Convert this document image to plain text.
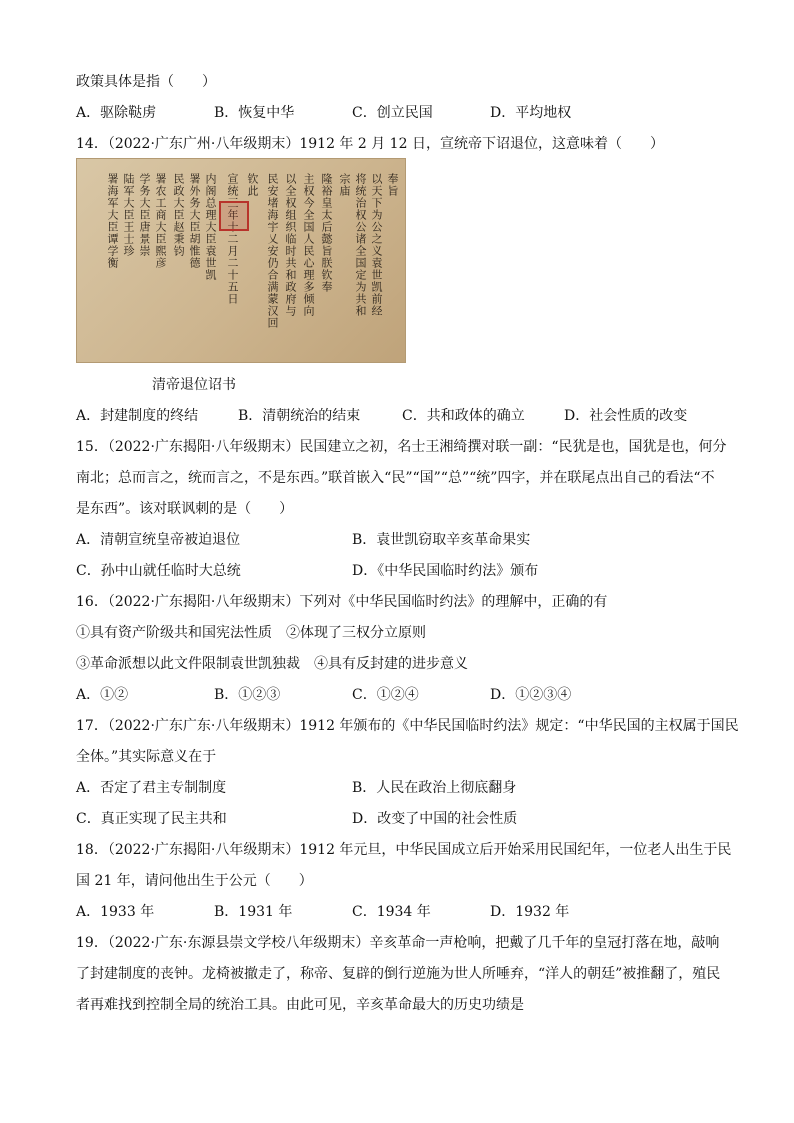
政策具体是指（　　）
A．驱除鞑虏	B．恢复中华	C．创立民国	D．平均地权
14．（2022·广东广州·八年级期末）1912 年 2 月 12 日，宣统帝下诏退位，这意味着（　　）
署海军大臣谭学衡 陆军大臣王士珍 学务大臣唐景崇 署农工商大臣熙彦 民政大臣赵秉钧 署外务大臣胡惟德 内阁总理大臣袁世凯 宣统三年十二月二十五日 钦此 民安堵海宇乂安仍合满蒙汉回 以全权组织临时共和政府与 主权今全国人民心理多倾向 隆裕皇太后懿旨朕钦奉 宗庙 将统治权公诸全国定为共和 以天下为公之义袁世凯前经 奉旨
清帝退位诏书
A．封建制度的终结	B．清朝统治的结束	C．共和政体的确立	D．社会性质的改变
15．（2022·广东揭阳·八年级期末）民国建立之初，名士王湘绮撰对联一副：“民犹是也，国犹是也，何分
南北；总而言之，统而言之，不是东西。”联首嵌入“民”“国”“总”“统”四字，并在联尾点出自己的看法“不
是东西”。该对联讽刺的是（　　）
A．清朝宣统皇帝被迫退位	B．袁世凯窃取辛亥革命果实
C．孙中山就任临时大总统	D．《中华民国临时约法》颁布
16．（2022·广东揭阳·八年级期末）下列对《中华民国临时约法》的理解中，正确的有
①具有资产阶级共和国宪法性质　②体现了三权分立原则
③革命派想以此文件限制袁世凯独裁　④具有反封建的进步意义
A．①②	B．①②③	C．①②④	D．①②③④
17．（2022·广东广东·八年级期末）1912 年颁布的《中华民国临时约法》规定：“中华民国的主权属于国民
全体。”其实际意义在于
A．否定了君主专制制度	B．人民在政治上彻底翻身
C．真正实现了民主共和	D．改变了中国的社会性质
18．（2022·广东揭阳·八年级期末）1912 年元旦，中华民国成立后开始采用民国纪年，一位老人出生于民
国 21 年，请问他出生于公元（　　）
A．1933 年	B．1931 年	C．1934 年	D．1932 年
19．（2022·广东·东源县崇文学校八年级期末）辛亥革命一声枪响，把戴了几千年的皇冠打落在地，敲响
了封建制度的丧钟。龙椅被撤走了，称帝、复辟的倒行逆施为世人所唾弃，“洋人的朝廷”被推翻了，殖民
者再难找到控制全局的统治工具。由此可见，辛亥革命最大的历史功绩是
